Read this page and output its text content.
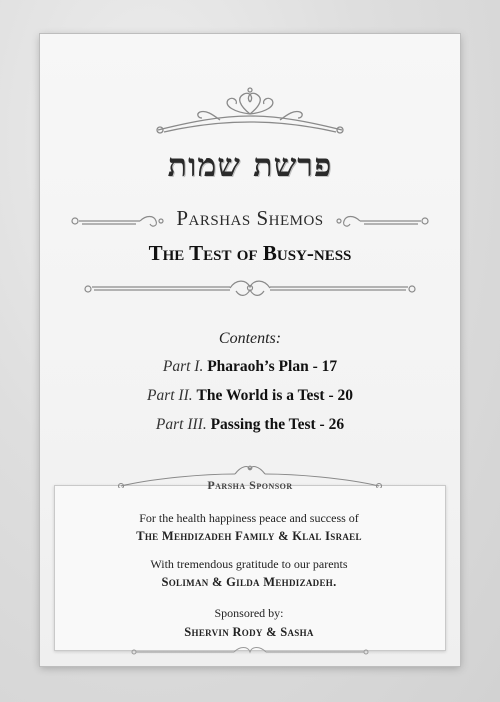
פרשת שמות
Parshas Shemos
The Test of Busy-ness
Contents:
Part I. Pharaoh’s Plan - 17
Part II. The World is a Test - 20
Part III. Passing the Test - 26
Parsha Sponsor
For the health happiness peace and success of
The Mehdizadeh Family & Klal Israel
With tremendous gratitude to our parents
Soliman & Gilda Mehdizadeh.
Sponsored by:
Shervin Rody & Sasha
